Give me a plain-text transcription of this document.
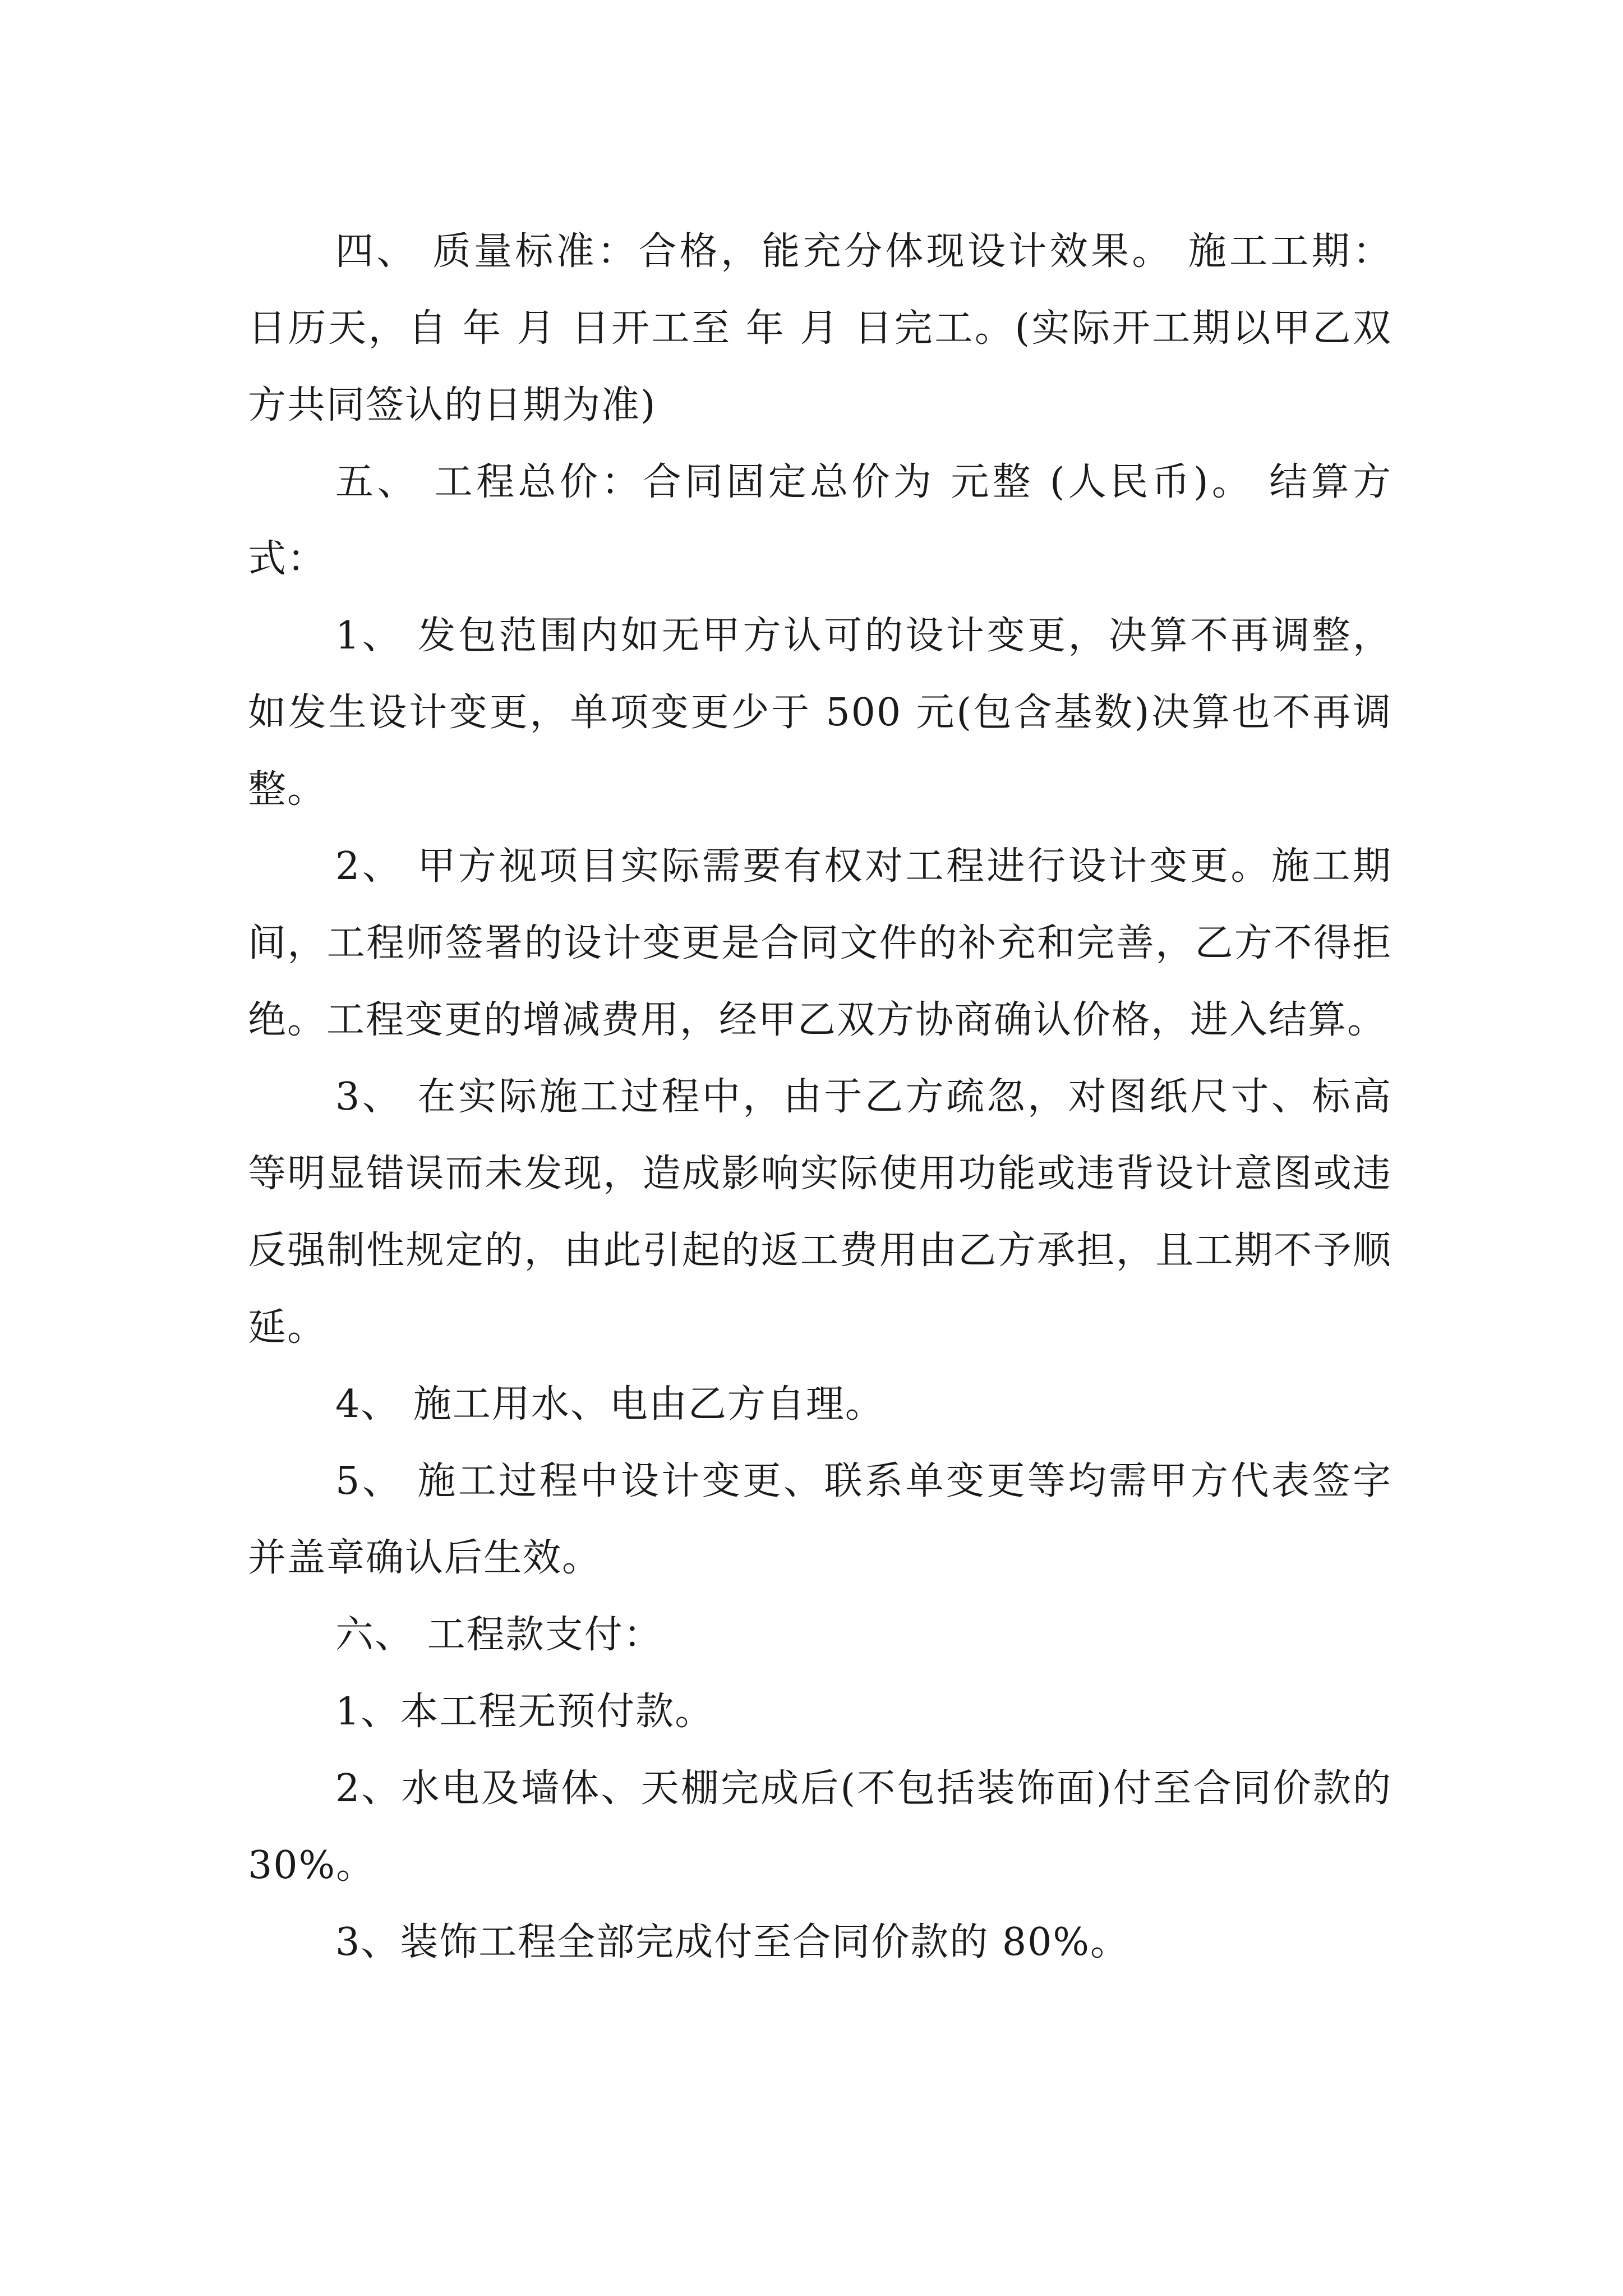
四、 质量标准：合格，能充分体现设计效果。 施工工期： 日历天，自 年 月 日开工至 年 月 日完工。(实际开工期以甲乙双方共同签认的日期为准)

五、 工程总价：合同固定总价为 元整 (人民币)。 结算方式：

1、 发包范围内如无甲方认可的设计变更，决算不再调整，如发生设计变更，单项变更少于 500 元(包含基数)决算也不再调整。

2、 甲方视项目实际需要有权对工程进行设计变更。施工期间，工程师签署的设计变更是合同文件的补充和完善，乙方不得拒绝。工程变更的增减费用，经甲乙双方协商确认价格，进入结算。

3、 在实际施工过程中，由于乙方疏忽，对图纸尺寸、标高等明显错误而未发现，造成影响实际使用功能或违背设计意图或违反强制性规定的，由此引起的返工费用由乙方承担，且工期不予顺延。

4、 施工用水、电由乙方自理。

5、 施工过程中设计变更、联系单变更等均需甲方代表签字并盖章确认后生效。

六、 工程款支付：

1、本工程无预付款。

2、水电及墙体、天棚完成后(不包括装饰面)付至合同价款的 30%。

3、装饰工程全部完成付至合同价款的 80%。
